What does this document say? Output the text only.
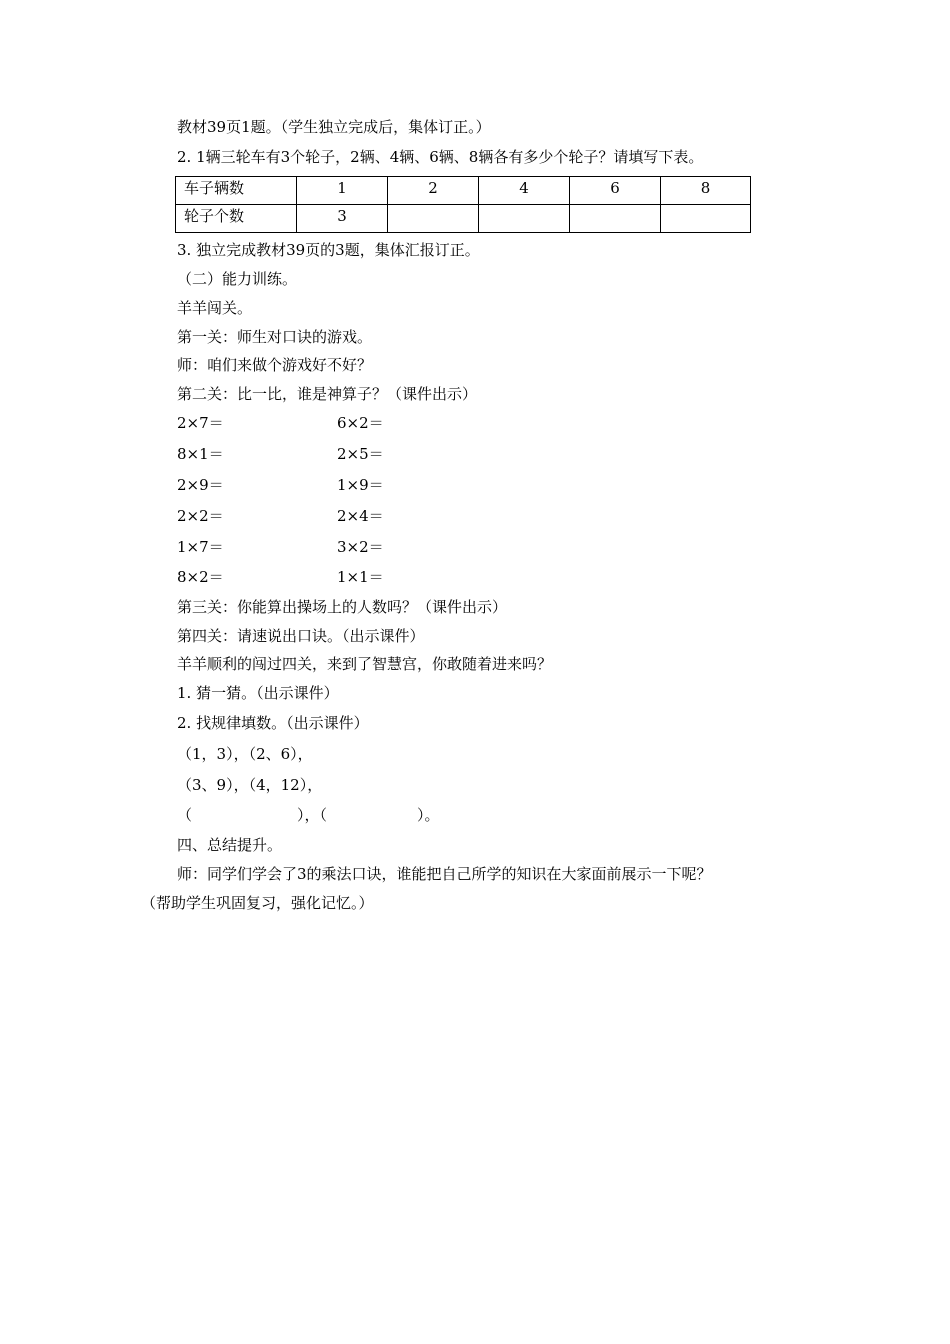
教材39页1题。（学生独立完成后，集体订正。）
2. 1辆三轮车有3个轮子，2辆、4辆、6辆、8辆各有多少个轮子？请填写下表。
车子辆数	1	2	4	6	8
轮子个数	3				
3. 独立完成教材39页的3题，集体汇报订正。
（二）能力训练。
羊羊闯关。
第一关：师生对口诀的游戏。
师：咱们来做个游戏好不好？
第二关：比一比，谁是神算子？（课件出示）
2×7＝	6×2＝
8×1＝	2×5＝
2×9＝	1×9＝
2×2＝	2×4＝
1×7＝	3×2＝
8×2＝	1×1＝
第三关：你能算出操场上的人数吗？（课件出示）
第四关：请速说出口诀。（出示课件）
羊羊顺利的闯过四关，来到了智慧宫，你敢随着进来吗？
1. 猜一猜。（出示课件）
2. 找规律填数。（出示课件）
（1，3），（2、6），
（3、9），（4，12），
（	），（	）。
四、总结提升。
师：同学们学会了3的乘法口诀，谁能把自己所学的知识在大家面前展示一下呢？
（帮助学生巩固复习，强化记忆。）
